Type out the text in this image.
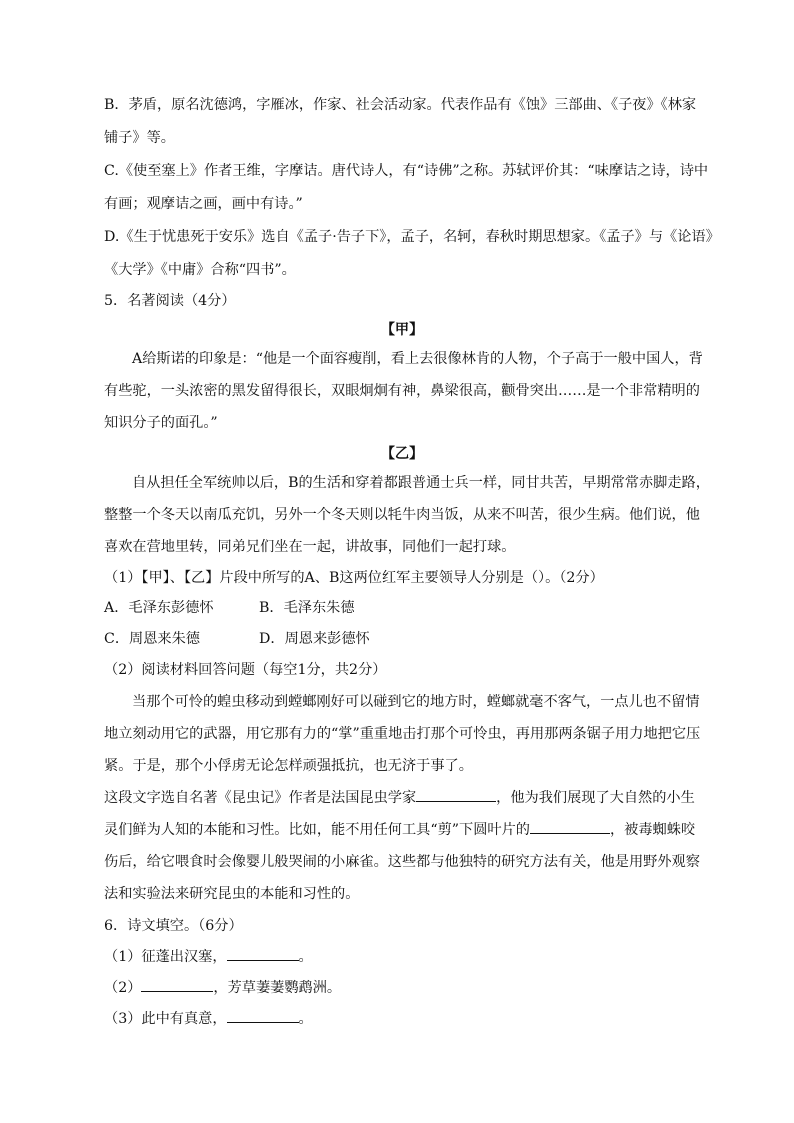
B．茅盾，原名沈德鸿，字雁冰，作家、社会活动家。代表作品有《蚀》三部曲、《子夜》《林家
铺子》等。
C.《使至塞上》作者王维，字摩诘。唐代诗人，有“诗佛”之称。苏轼评价其：“味摩诘之诗，诗中
有画；观摩诘之画，画中有诗。”
D.《生于忧患死于安乐》选自《孟子·告子下》，孟子，名轲，春秋时期思想家。《孟子》与《论语》
《大学》《中庸》合称“四书”。
5．名著阅读（4分）
【甲】
A给斯诺的印象是：“他是一个面容瘦削，看上去很像林肯的人物，个子高于一般中国人，背
有些驼，一头浓密的黑发留得很长，双眼炯炯有神，鼻梁很高，颧骨突出……是一个非常精明的
知识分子的面孔。”
【乙】
自从担任全军统帅以后，B的生活和穿着都跟普通士兵一样，同甘共苦，早期常常赤脚走路，
整整一个冬天以南瓜充饥，另外一个冬天则以牦牛肉当饭，从来不叫苦，很少生病。他们说，他
喜欢在营地里转，同弟兄们坐在一起，讲故事，同他们一起打球。
（1）【甲】、【乙】片段中所写的A、B这两位红军主要领导人分别是（）。（2分）
A．毛泽东彭德怀	B．毛泽东朱德
C．周恩来朱德	D．周恩来彭德怀
（2）阅读材料回答问题（每空1分，共2分）
当那个可怜的蝗虫移动到螳螂刚好可以碰到它的地方时，螳螂就毫不客气，一点儿也不留情
地立刻动用它的武器，用它那有力的“掌”重重地击打那个可怜虫，再用那两条锯子用力地把它压
紧。于是，那个小俘虏无论怎样顽强抵抗，也无济于事了。
这段文字选自名著《昆虫记》作者是法国昆虫学家	，他为我们展现了大自然的小生
灵们鲜为人知的本能和习性。比如，能不用任何工具“剪”下圆叶片的	，被毒蜘蛛咬
伤后，给它喂食时会像婴儿般哭闹的小麻雀。这些都与他独特的研究方法有关，他是用野外观察
法和实验法来研究昆虫的本能和习性的。
6．诗文填空。（6分）
（1）征蓬出汉塞，	。
（2）	，芳草萋萋鹦鹉洲。
（3）此中有真意，	。
